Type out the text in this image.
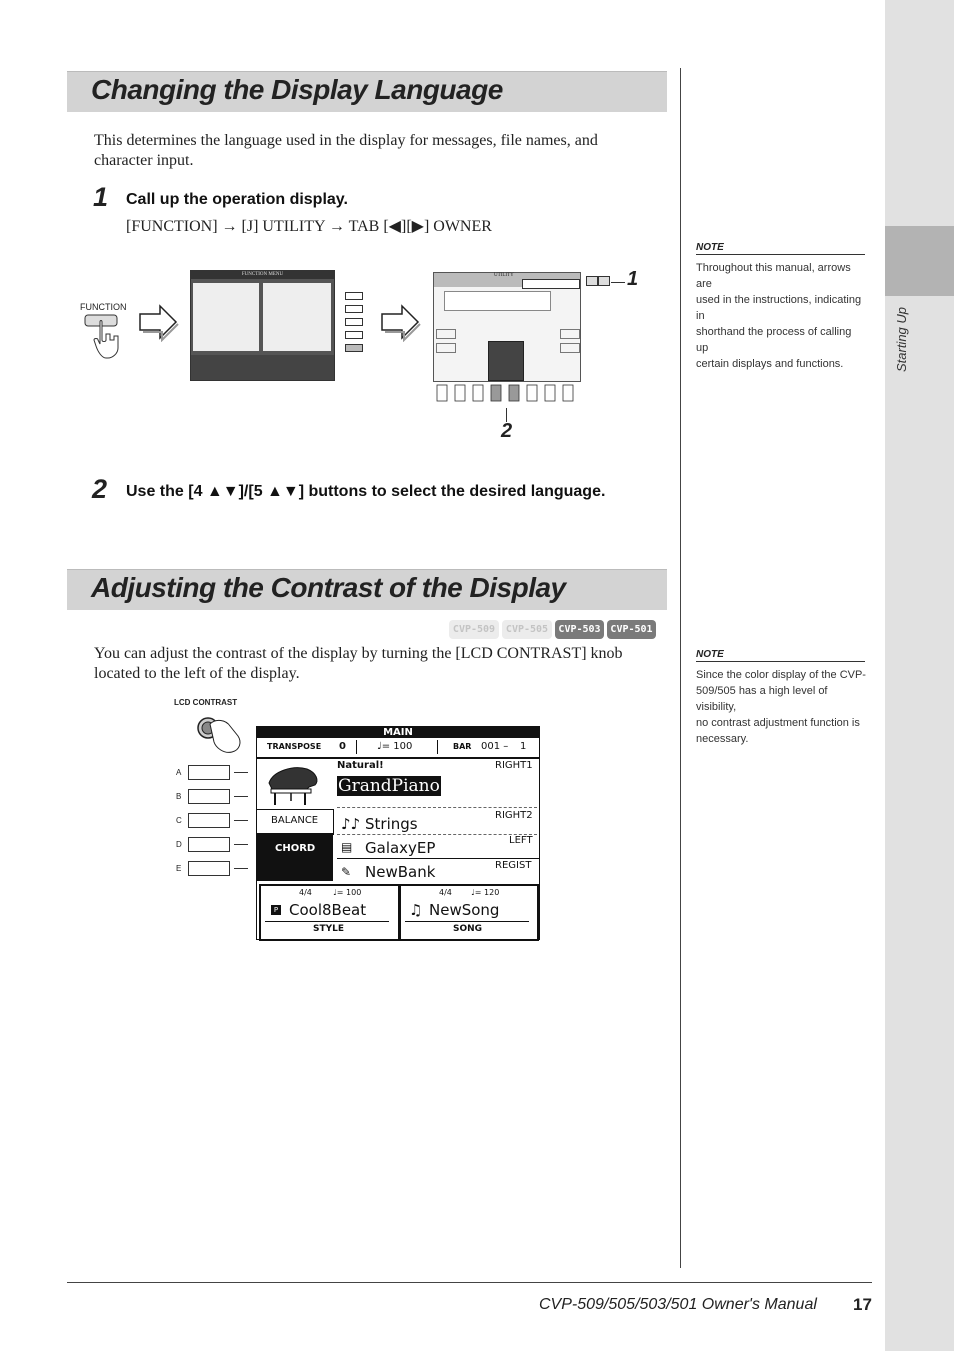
Starting Up
Changing the Display Language
This determines the language used in the display for messages, file names, and
character input.
1 Call up the operation display.
[FUNCTION] → [J] UTILITY → TAB [◀][▶] OWNER
FUNCTION
FUNCTION MENU	UTILITY	1
2
2 Use the [4 ▲▼]/[5 ▲▼] buttons to select the desired language.
Adjusting the Contrast of the Display
CVP-509	CVP-505	CVP-503 CVP-501
You can adjust the contrast of the display by turning the [LCD CONTRAST] knob
located to the left of the display.
LCD CONTRAST
A
B
C
D
E
MAIN
TRANSPOSE 0	♩= 100	BAR 001 – 1
Natural!	RIGHT1
GrandPiano
BALANCE	RIGHT2
♪♪ Strings
CHORD
LEFT
▤ GalaxyEP
REGIST
✎ NewBank
4/4	♩= 100
P Cool8Beat
STYLE
4/4 ♩= 120
♫ NewSong
SONG
NOTE
Throughout this manual, arrows are
used in the instructions, indicating in
shorthand the process of calling up
certain displays and functions.
NOTE
Since the color display of the CVP-
509/505 has a high level of visibility,
no contrast adjustment function is
necessary.
CVP-509/505/503/501 Owner's Manual 17
